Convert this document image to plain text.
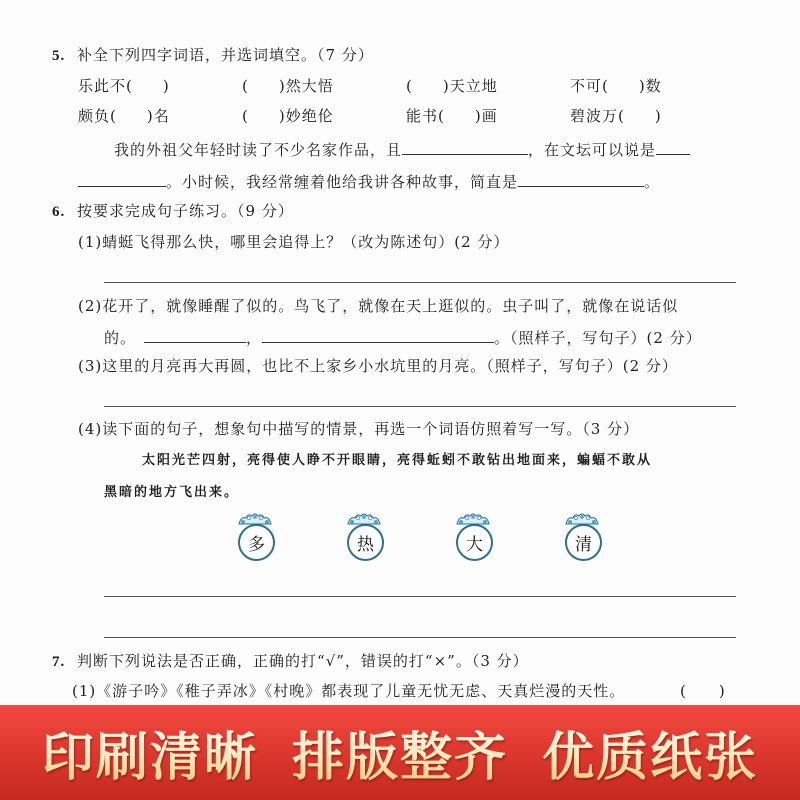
5. 补全下列四字词语，并选词填空。（7 分）
乐此不( )	( )然大悟	( )天立地	不可( )数
颇负( )名	( )妙绝伦	能书( )画	碧波万( )
我的外祖父年轻时读了不少名家作品，且	，在文坛可以说是
。小时候，我经常缠着他给我讲各种故事，简直是	。
6. 按要求完成句子练习。（9 分）
(1)蜻蜓飞得那么快，哪里会追得上？（改为陈述句）(2 分）
(2)花开了，就像睡醒了似的。鸟飞了，就像在天上逛似的。虫子叫了，就像在说话似
的。	，	。（照样子，写句子）(2 分）
(3)这里的月亮再大再圆，也比不上家乡小水坑里的月亮。（照样子，写句子）(2 分）
(4)读下面的句子，想象句中描写的情景，再选一个词语仿照着写一写。（3 分）
太阳光芒四射，亮得使人睁不开眼睛，亮得蚯蚓不敢钻出地面来，蝙蝠不敢从
黑暗的地方飞出来。
多	热	大	清
7. 判断下列说法是否正确，正确的打“√”，错误的打“×”。（3 分）
(1)《游子吟》《稚子弄冰》《村晚》都表现了儿童无忧无虑、天真烂漫的天性。	(　　)
印刷清晰 排版整齐 优质纸张
